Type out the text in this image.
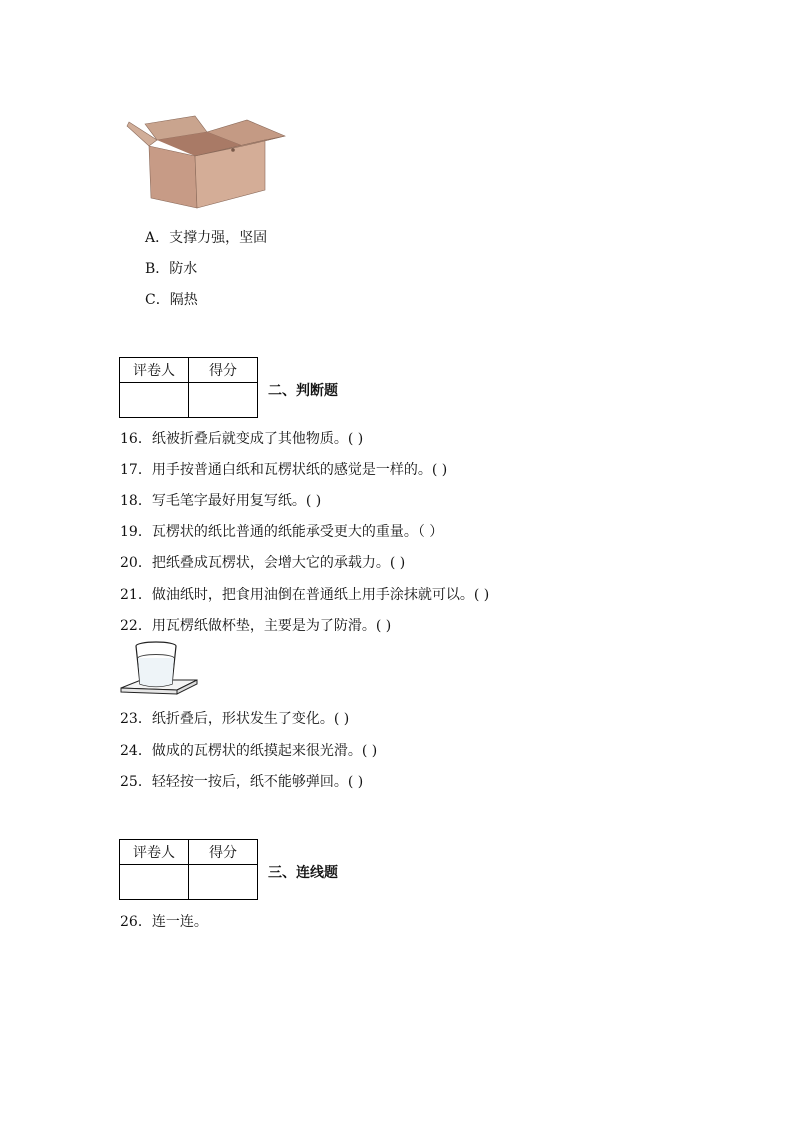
A．支撑力强，坚固
B．防水
C．隔热
评卷人	得分

二、判断题
16．纸被折叠后就变成了其他物质。( )
17．用手按普通白纸和瓦楞状纸的感觉是一样的。( )
18．写毛笔字最好用复写纸。( )
19．瓦楞状的纸比普通的纸能承受更大的重量。（ ）
20．把纸叠成瓦楞状，会增大它的承载力。( )
21．做油纸时，把食用油倒在普通纸上用手涂抹就可以。( )
22．用瓦楞纸做杯垫，主要是为了防滑。( )
23．纸折叠后，形状发生了变化。( )
24．做成的瓦楞状的纸摸起来很光滑。( )
25．轻轻按一按后，纸不能够弹回。( )
评卷人	得分

三、连线题
26．连一连。
